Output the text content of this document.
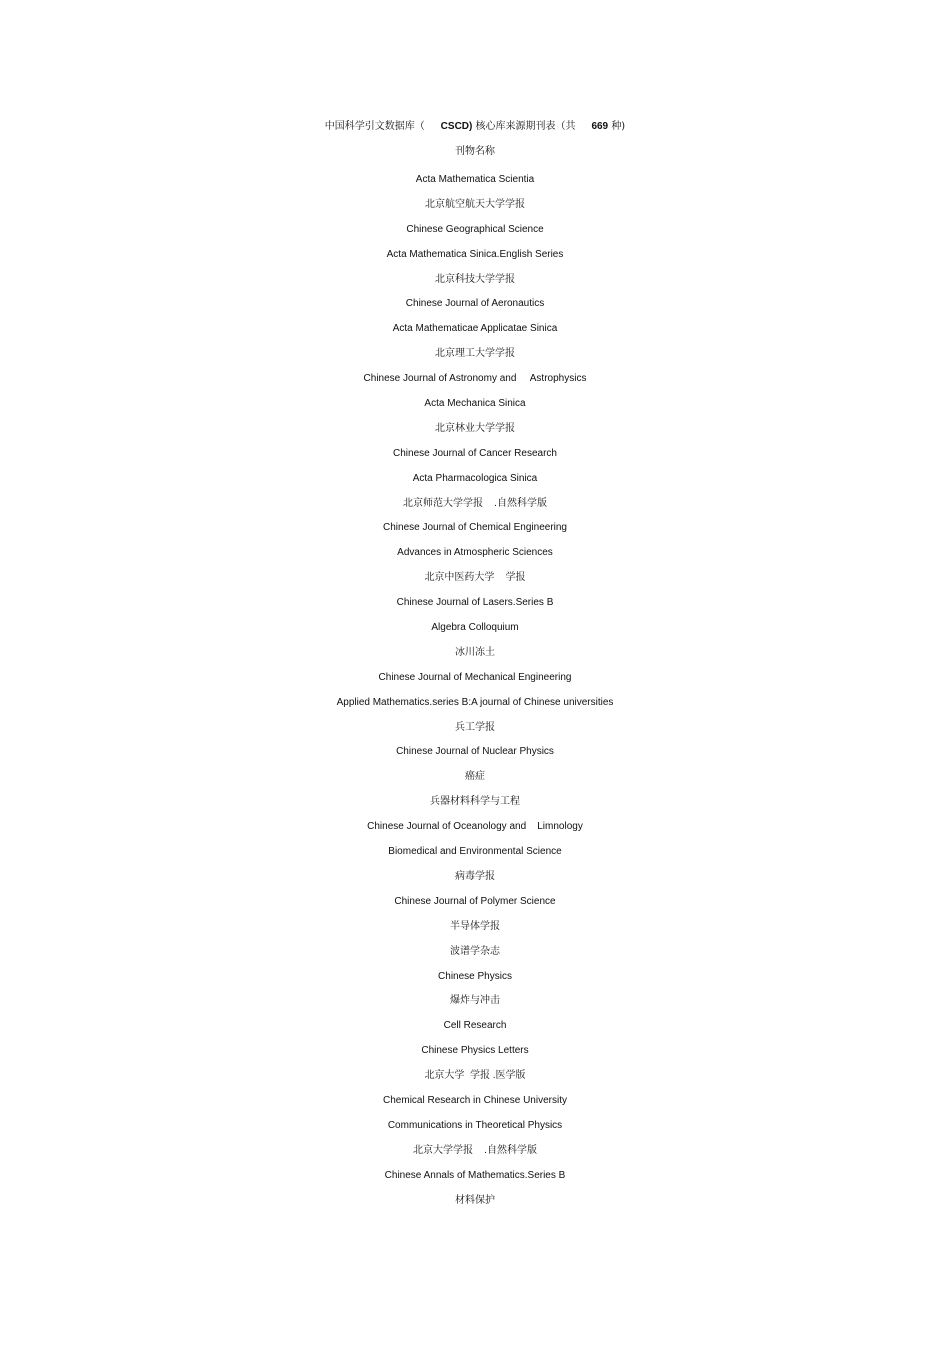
中国科学引文数据库（ CSCD) 核心库来源期刊表（共 669 种)
刊物名称
Acta Mathematica Scientia
北京航空航天大学学报
Chinese Geographical Science
Acta Mathematica Sinica.English Series
北京科技大学学报
Chinese Journal of Aeronautics
Acta Mathematicae Applicatae Sinica
北京理工大学学报
Chinese Journal of Astronomy and     Astrophysics
Acta Mechanica Sinica
北京林业大学学报
Chinese Journal of Cancer Research
Acta Pharmacologica Sinica
北京师范大学学报    .自然科学版
Chinese Journal of Chemical Engineering
Advances in Atmospheric Sciences
北京中医药大学    学报
Chinese Journal of Lasers.Series B
Algebra Colloquium
冰川冻土
Chinese Journal of Mechanical Engineering
Applied Mathematics.series B:A journal of Chinese universities
兵工学报
Chinese Journal of Nuclear Physics
癌症
兵器材料科学与工程
Chinese Journal of Oceanology and    Limnology
Biomedical and Environmental Science
病毒学报
Chinese Journal of Polymer Science
半导体学报
波谱学杂志
Chinese Physics
爆炸与冲击
Cell Research
Chinese Physics Letters
北京大学  学报 .医学版
Chemical Research in Chinese University
Communications in Theoretical Physics
北京大学学报    .自然科学版
Chinese Annals of Mathematics.Series B
材料保护
